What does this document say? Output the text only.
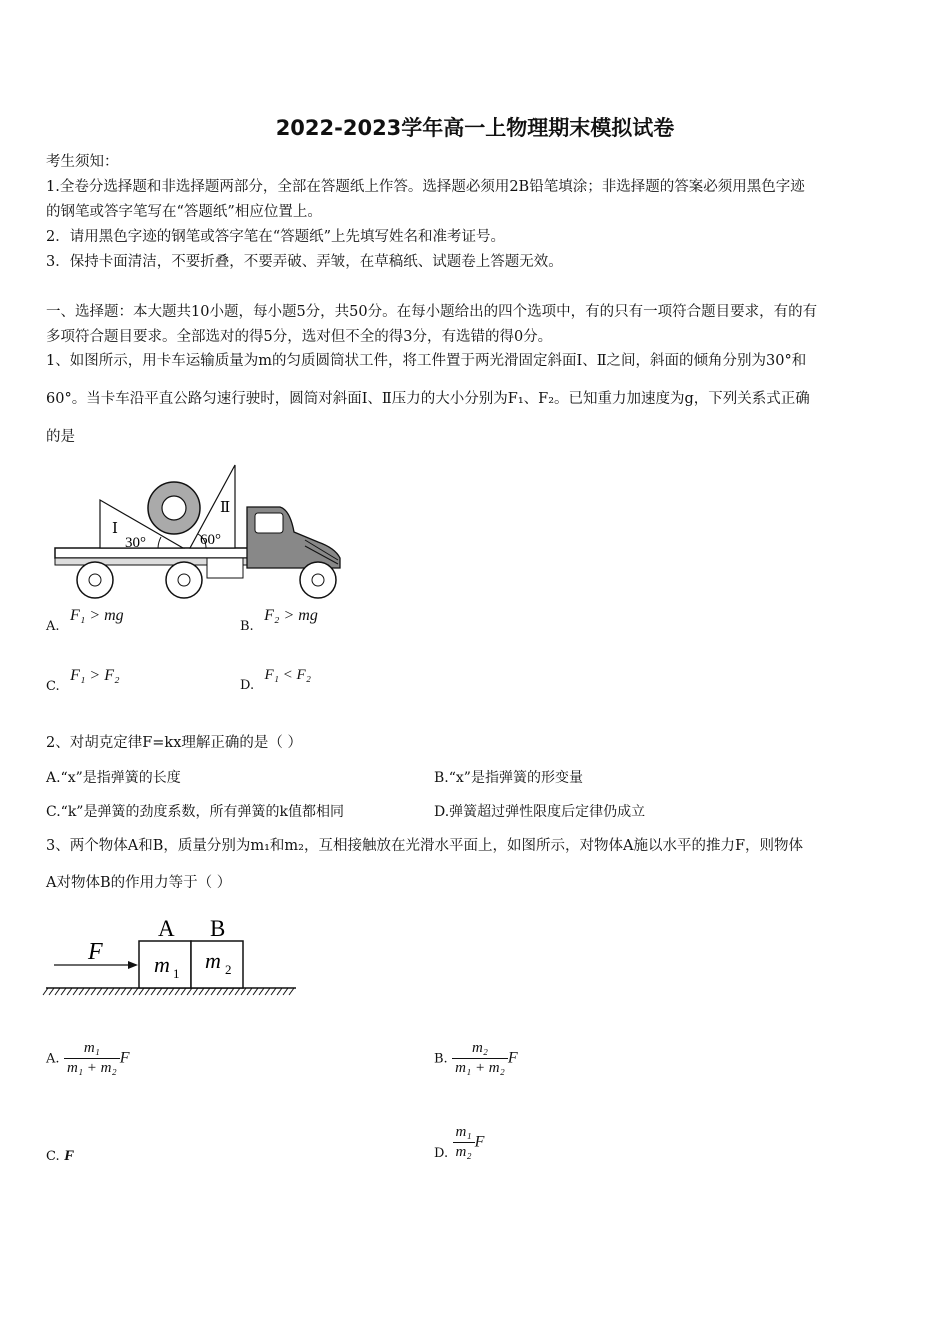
2022-2023学年高一上物理期末模拟试卷
考生须知：
1.全卷分选择题和非选择题两部分，全部在答题纸上作答。选择题必须用2B铅笔填涂；非选择题的答案必须用黑色字迹
的钢笔或答字笔写在“答题纸”相应位置上。
2．请用黑色字迹的钢笔或答字笔在“答题纸”上先填写姓名和准考证号。
3．保持卡面清洁，不要折叠，不要弄破、弄皱，在草稿纸、试题卷上答题无效。
一、选择题：本大题共10小题，每小题5分，共50分。在每小题给出的四个选项中，有的只有一项符合题目要求，有的有
多项符合题目要求。全部选对的得5分，选对但不全的得3分，有选错的得0分。
1、如图所示，用卡车运输质量为m的匀质圆筒状工件，将工件置于两光滑固定斜面Ⅰ、Ⅱ之间，斜面的倾角分别为30°和
60°。当卡车沿平直公路匀速行驶时，圆筒对斜面Ⅰ、Ⅱ压力的大小分别为F₁、F₂。已知重力加速度为g，下列关系式正确
的是
Ⅰ
Ⅱ
30°	60°
A. F₁ > mg
B. F₂ > mg
C. F₁ > F₂
D. F₁ < F₂
2、对胡克定律F=kx理解正确的是（ ）
A.“x”是指弹簧的长度	B.“x”是指弹簧的形变量
C.“k”是弹簧的劲度系数，所有弹簧的k值都相同	D.弹簧超过弹性限度后定律仍成立
3、两个物体A和B，质量分别为m₁和m₂，互相接触放在光滑水平面上，如图所示，对物体A施以水平的推力F，则物体
A对物体B的作用力等于（ ）
F
A B
m 1
m 2
A. $\frac{\text{m₁}}{\text{m₁ + m₂}}$ F	B. $\frac{\text{m₂}}{\text{m₁ + m₂}}$ F
C. F	D. $\frac{\text{m₁}}{\text{m₂}}$ F
